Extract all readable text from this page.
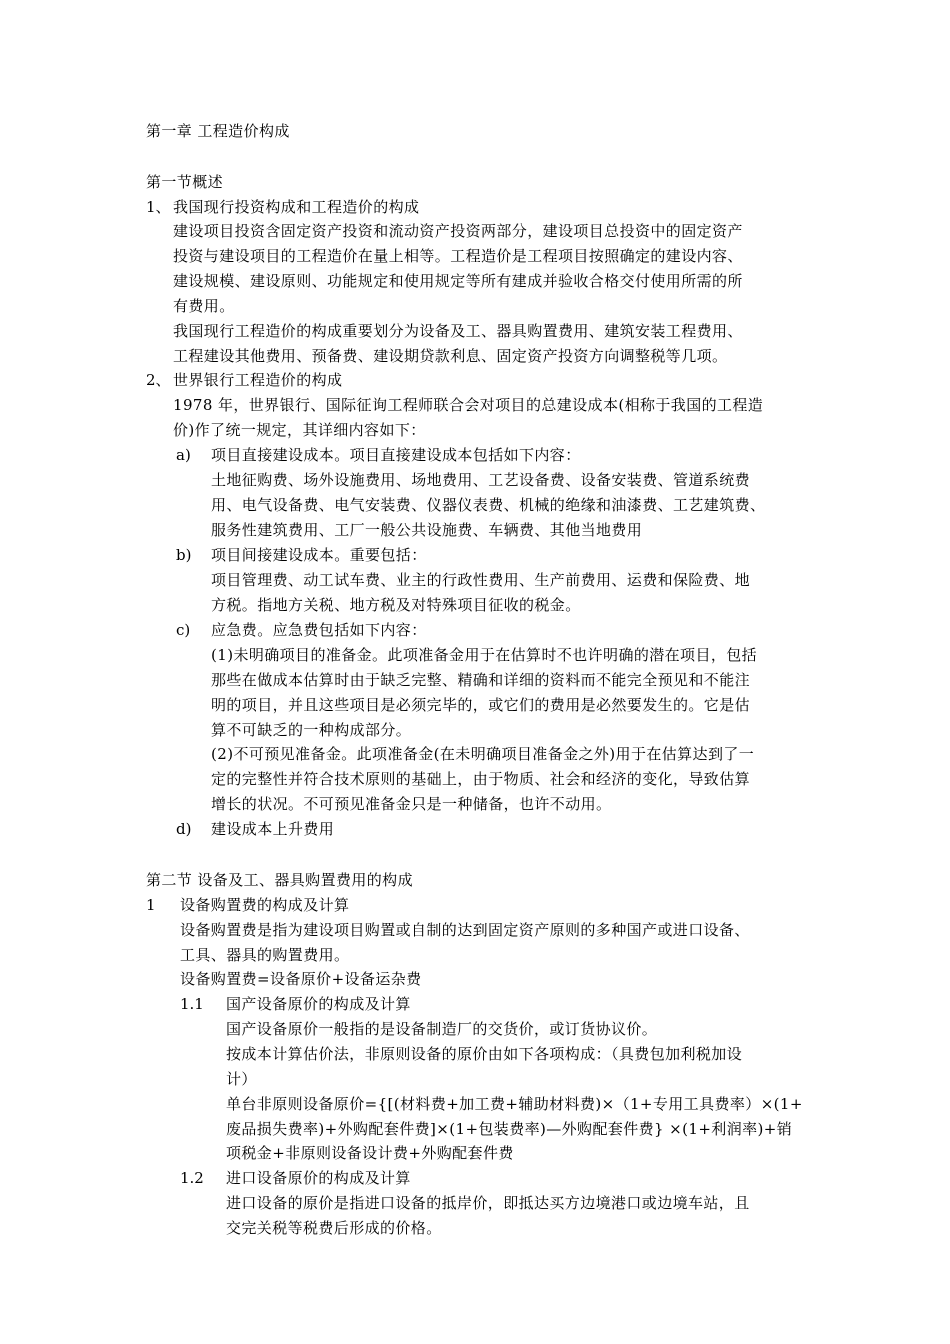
第一章 工程造价构成
第一节概述
1、 我国现行投资构成和工程造价的构成
建设项目投资含固定资产投资和流动资产投资两部分，建设项目总投资中的固定资产
投资与建设项目的工程造价在量上相等。工程造价是工程项目按照确定的建设内容、
建设规模、建设原则、功能规定和使用规定等所有建成并验收合格交付使用所需的所
有费用。
我国现行工程造价的构成重要划分为设备及工、器具购置费用、建筑安装工程费用、
工程建设其他费用、预备费、建设期贷款利息、固定资产投资方向调整税等几项。
2、 世界银行工程造价的构成
1978 年，世界银行、国际征询工程师联合会对项目的总建设成本(相称于我国的工程造
价)作了统一规定，其详细内容如下：
a) 项目直接建设成本。项目直接建设成本包括如下内容：
土地征购费、场外设施费用、场地费用、工艺设备费、设备安装费、管道系统费
用、电气设备费、电气安装费、仪器仪表费、机械的绝缘和油漆费、工艺建筑费、
服务性建筑费用、工厂一般公共设施费、车辆费、其他当地费用
b) 项目间接建设成本。重要包括：
项目管理费、动工试车费、业主的行政性费用、生产前费用、运费和保险费、地
方税。指地方关税、地方税及对特殊项目征收的税金。
c) 应急费。应急费包括如下内容：
(1)未明确项目的准备金。此项准备金用于在估算时不也许明确的潜在项目，包括
那些在做成本估算时由于缺乏完整、精确和详细的资料而不能完全预见和不能注
明的项目，并且这些项目是必须完毕的，或它们的费用是必然要发生的。它是估
算不可缺乏的一种构成部分。
(2)不可预见准备金。此项准备金(在未明确项目准备金之外)用于在估算达到了一
定的完整性并符合技术原则的基础上，由于物质、社会和经济的变化，导致估算
增长的状况。不可预见准备金只是一种储备，也许不动用。
d) 建设成本上升费用
第二节 设备及工、器具购置费用的构成
1 设备购置费的构成及计算
设备购置费是指为建设项目购置或自制的达到固定资产原则的多种国产或进口设备、
工具、器具的购置费用。
设备购置费=设备原价+设备运杂费
1.1 国产设备原价的构成及计算
国产设备原价一般指的是设备制造厂的交货价，或订货协议价。
按成本计算估价法，非原则设备的原价由如下各项构成：（具费包加利税加设
计）
单台非原则设备原价={[(材料费+加工费+辅助材料费)×（1+专用工具费率）×(1+
废品损失费率)+外购配套件费]×(1+包装费率)—外购配套件费} ×(1+利润率)+销
项税金+非原则设备设计费+外购配套件费
1.2 进口设备原价的构成及计算
进口设备的原价是指进口设备的抵岸价，即抵达买方边境港口或边境车站，且
交完关税等税费后形成的价格。
